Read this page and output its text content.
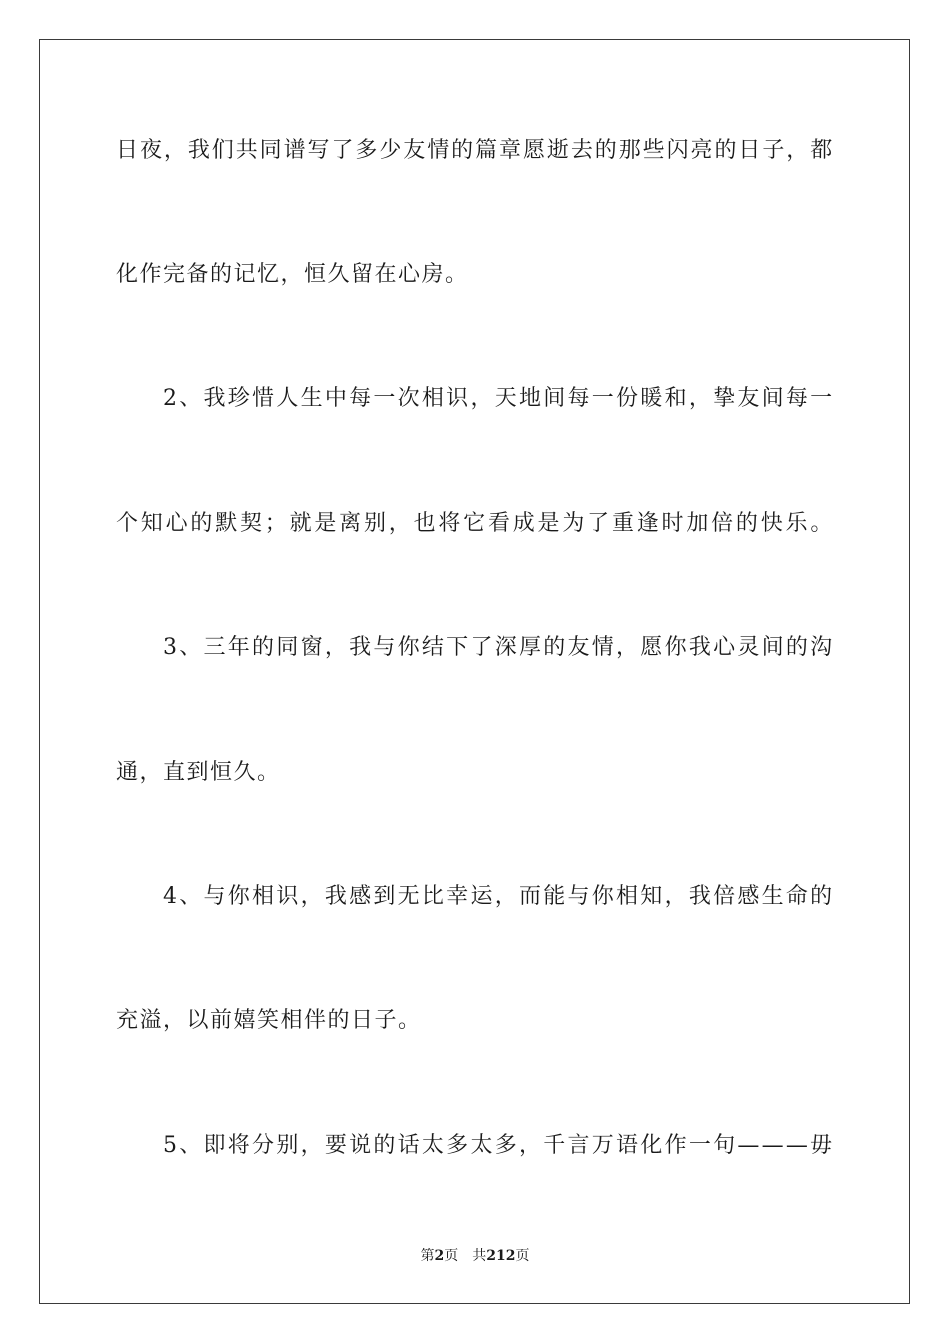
日 夜 ， 我 们 共 同 谱 写 了 多 少 友 情 的 篇 章 愿 逝 去 的 那 些 闪 亮 的 日 子 ， 都
化作完备的记忆，恒久留在心房。
2 、 我 珍 惜 人 生 中 每 一 次 相 识 ， 天 地 间 每 一 份 暖 和 ， 挚 友 间 每 一
个 知 心 的 默 契 ； 就 是 离 别 ， 也 将 它 看 成 是 为 了 重 逢 时 加 倍 的 快 乐 。
3 、 三 年 的 同 窗 ， 我 与 你 结 下 了 深 厚 的 友 情 ， 愿 你 我 心 灵 间 的 沟
通，直到恒久。
4 、 与 你 相 识 ， 我 感 到 无 比 幸 运 ， 而 能 与 你 相 知 ， 我 倍 感 生 命 的
充溢，以前嬉笑相伴的日子。
5 、 即 将 分 别 ， 要 说 的 话 太 多 太 多 ， 千 言 万 语 化 作 一 句 — — — 毋
第2页 共212页
